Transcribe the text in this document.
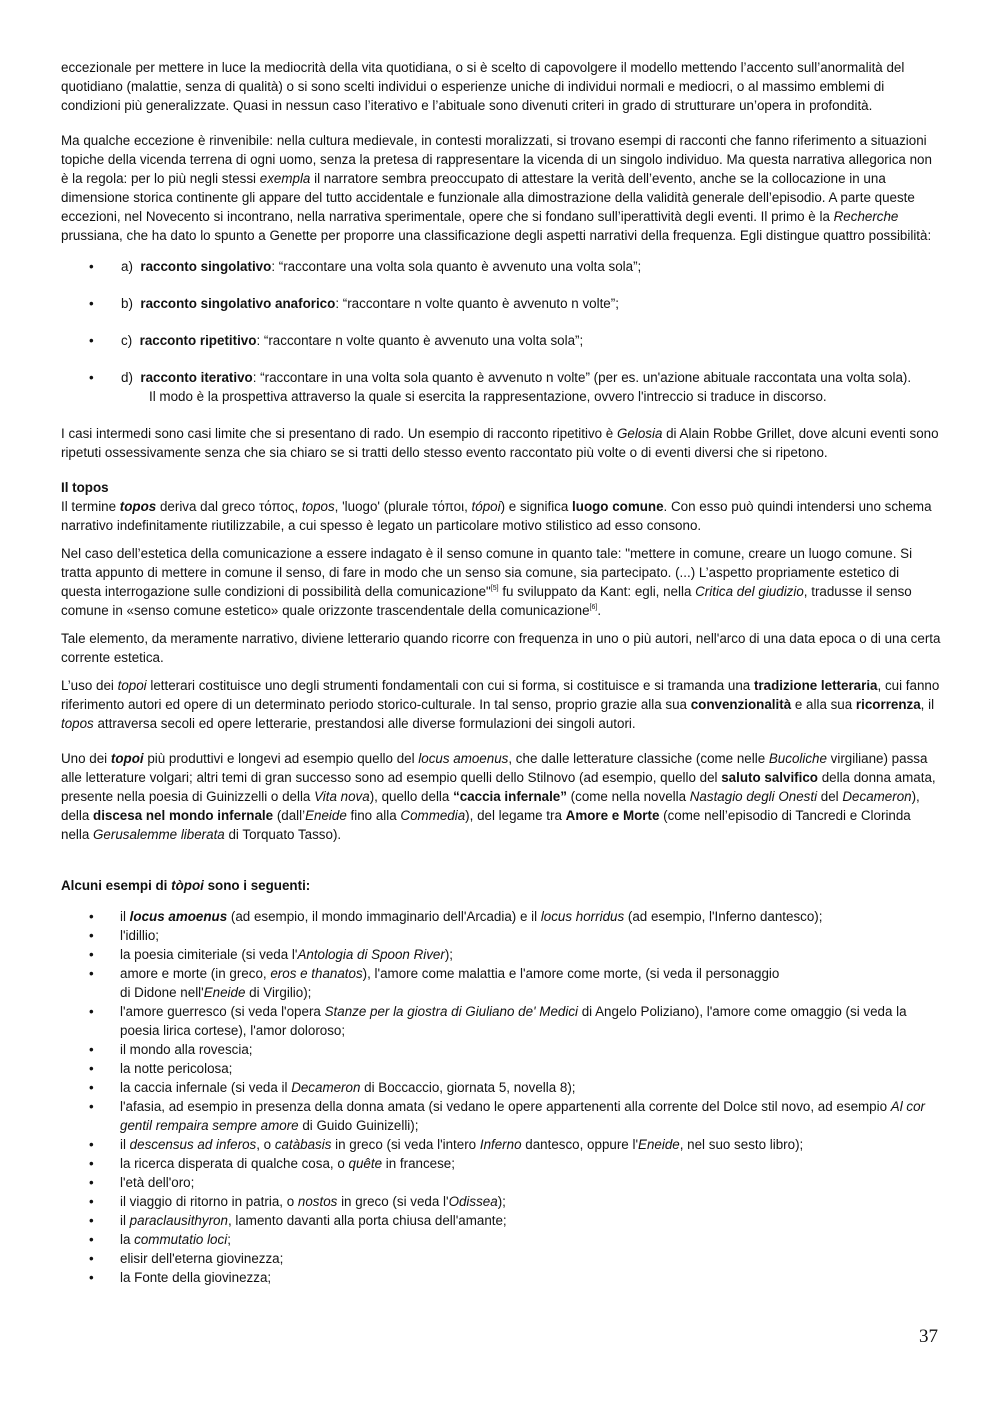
eccezionale per mettere in luce la mediocrità della vita quotidiana, o si è scelto di capovolgere il modello mettendo l’accento sull’anormalità del quotidiano (malattie, senza di qualità) o si sono scelti individui o esperienze uniche di individui normali e mediocri, o al massimo emblemi di condizioni più generalizzate. Quasi in nessun caso l’iterativo e l’abituale sono divenuti criteri in grado di strutturare un’opera in profondità.

Ma qualche eccezione è rinvenibile: nella cultura medievale, in contesti moralizzati, si trovano esempi di racconti che fanno riferimento a situazioni topiche della vicenda terrena di ogni uomo, senza la pretesa di rappresentare la vicenda di un singolo individuo. Ma questa narrativa allegorica non è la regola: per lo più negli stessi exempla il narratore sembra preoccupato di attestare la verità dell’evento, anche se la collocazione in una dimensione storica continente gli appare del tutto accidentale e funzionale alla dimostrazione della validità generale dell’episodio. A parte queste eccezioni, nel Novecento si incontrano, nella narrativa sperimentale, opere che si fondano sull’iperattività degli eventi. Il primo è la Recherche prussiana, che ha dato lo spunto a Genette per proporre una classificazione degli aspetti narrativi della frequenza. Egli distingue quattro possibilità:

• a)  racconto singolativo: “raccontare una volta sola quanto è avvenuto una volta sola”;
• b)  racconto singolativo anaforico: “raccontare n volte quanto è avvenuto n volte”;
• c)  racconto ripetitivo: “raccontare n volte quanto è avvenuto una volta sola”;
• d)  racconto iterativo: “raccontare in una volta sola quanto è avvenuto n volte” (per es. un'azione abituale raccontata una volta sola).
Il modo è la prospettiva attraverso la quale si esercita la rappresentazione, ovvero l'intreccio si traduce in discorso.

I casi intermedi sono casi limite che si presentano di rado. Un esempio di racconto ripetitivo è Gelosia di Alain Robbe Grillet, dove alcuni eventi sono ripetuti ossessivamente senza che sia chiaro se si tratti dello stesso evento raccontato più volte o di eventi diversi che si ripetono.

Il topos

Il termine topos deriva dal greco τόπος, topos, 'luogo' (plurale τόποι, tópoi) e significa luogo comune. Con esso può quindi intendersi uno schema narrativo indefinitamente riutilizzabile, a cui spesso è legato un particolare motivo stilistico ad esso consono.

Nel caso dell’estetica della comunicazione a essere indagato è il senso comune in quanto tale: "mettere in comune, creare un luogo comune. Si tratta appunto di mettere in comune il senso, di fare in modo che un senso sia comune, sia partecipato. (...) L’aspetto propriamente estetico di questa interrogazione sulle condizioni di possibilità della comunicazione"[5] fu sviluppato da Kant: egli, nella Critica del giudizio, tradusse il senso comune in «senso comune estetico» quale orizzonte trascendentale della comunicazione[6].

Tale elemento, da meramente narrativo, diviene letterario quando ricorre con frequenza in uno o più autori, nell'arco di una data epoca o di una certa corrente estetica.

L’uso dei topoi letterari costituisce uno degli strumenti fondamentali con cui si forma, si costituisce e si tramanda una tradizione letteraria, cui fanno riferimento autori ed opere di un determinato periodo storico-culturale. In tal senso, proprio grazie alla sua convenzionalità e alla sua ricorrenza, il topos attraversa secoli ed opere letterarie, prestandosi alle diverse formulazioni dei singoli autori.

Uno dei topoi più produttivi e longevi ad esempio quello del locus amoenus, che dalle letterature classiche (come nelle Bucoliche virgiliane) passa alle letterature volgari; altri temi di gran successo sono ad esempio quelli dello Stilnovo (ad esempio, quello del saluto salvifico della donna amata, presente nella poesia di Guinizzelli o della Vita nova), quello della “caccia infernale” (come nella novella Nastagio degli Onesti del Decameron), della discesa nel mondo infernale (dall’Eneide fino alla Commedia), del legame tra Amore e Morte (come nell’episodio di Tancredi e Clorinda nella Gerusalemme liberata di Torquato Tasso).

Alcuni esempi di tòpoi sono i seguenti:

• il locus amoenus (ad esempio, il mondo immaginario dell'Arcadia) e il locus horridus (ad esempio, l'Inferno dantesco);
• l'idillio;
• la poesia cimiteriale (si veda l'Antologia di Spoon River);
• amore e morte (in greco, eros e thanatos), l'amore come malattia e l'amore come morte, (si veda il personaggio
di Didone nell'Eneide di Virgilio);
• l'amore guerresco (si veda l'opera Stanze per la giostra di Giuliano de' Medici di Angelo Poliziano), l'amore come omaggio (si veda la poesia lirica cortese), l'amor doloroso;
• il mondo alla rovescia;
• la notte pericolosa;
• la caccia infernale (si veda il Decameron di Boccaccio, giornata 5, novella 8);
• l'afasia, ad esempio in presenza della donna amata (si vedano le opere appartenenti alla corrente del Dolce stil novo, ad esempio Al cor gentil rempaira sempre amore di Guido Guinizelli);
• il descensus ad inferos, o catàbasis in greco (si veda l'intero Inferno dantesco, oppure l'Eneide, nel suo sesto libro);
• la ricerca disperata di qualche cosa, o quête in francese;
• l'età dell'oro;
• il viaggio di ritorno in patria, o nostos in greco (si veda l'Odissea);
• il paraclausithyron, lamento davanti alla porta chiusa dell'amante;
• la commutatio loci;
• elisir dell'eterna giovinezza;
• la Fonte della giovinezza;
37
